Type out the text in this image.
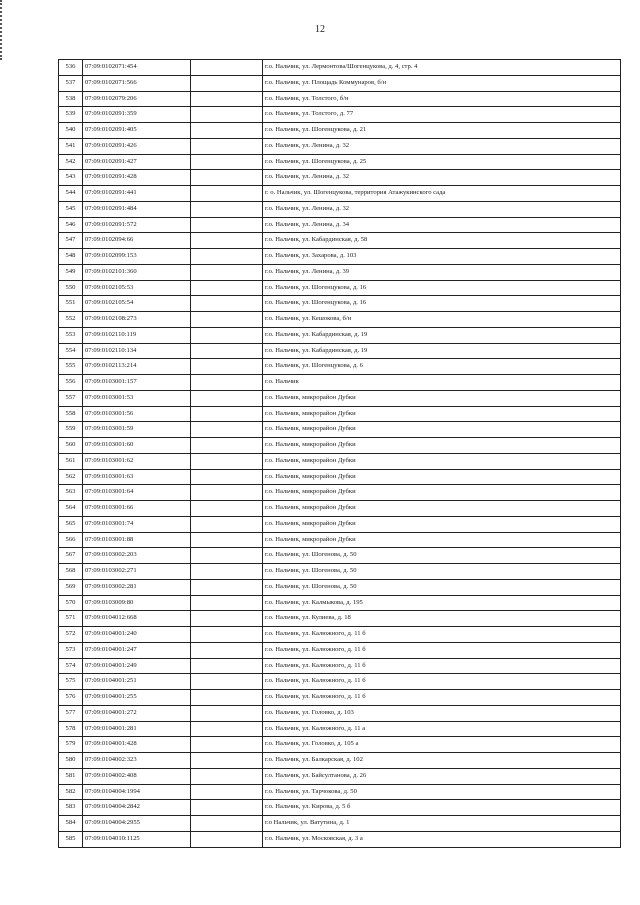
12
536	07:09:0102071:454		г.о. Нальчик, ул. Лермонтова/Шогенцукова, д. 4, стр. 4
537	07:09:0102071:566		г.о. Нальчик, ул. Площадь Коммунаров, б/н
538	07:09:0102079:206		г.о. Нальчик, ул. Толстого, б/н
539	07:09:0102091:359		г.о. Нальчик, ул. Толстого, д. 77
540	07:09:0102091:405		г.о. Нальчик, ул. Шогенцукова, д. 21
541	07:09:0102091:426		г.о. Нальчик, ул. Ленина, д. 32
542	07:09:0102091:427		г.о. Нальчик, ул. Шогенцукова, д. 25
543	07:09:0102091:428		г.о. Нальчик, ул. Ленина, д. 32
544	07:09:0102091:441		г. о. Нальчик, ул. Шогенцукова, территория Атажукинского сада
545	07:09:0102091:484		г.о. Нальчик, ул. Ленина, д. 32
546	07:09:0102091:572		г.о. Нальчик, ул. Ленина, д. 34
547	07:09:0102094:66		г.о. Нальчик, ул. Кабардинская, д. 58
548	07:09:0102099:153		г.о. Нальчик, ул. Захарова, д. 103
549	07:09:0102101:360		г.о. Нальчик, ул. Ленина, д. 39
550	07:09:0102105:53		г.о. Нальчик, ул. Шогенцукова, д. 16
551	07:09:0102105:54		г.о. Нальчик, ул. Шогенцукова, д. 16
552	07:09:0102108:273		г.о. Нальчик, ул. Кешокова, б/н
553	07:09:0102110:119		г.о. Нальчик, ул. Кабардинская, д. 19
554	07:09:0102110:134		г.о. Нальчик, ул. Кабардинская, д. 19
555	07:09:0102113:214		г.о. Нальчик, ул. Шогенцукова, д. 6
556	07:09:0103001:157		г.о. Нальчик
557	07:09:0103001:53		г.о. Нальчик, микрорайон Дубки
558	07:09:0103001:56		г.о. Нальчик, микрорайон Дубки
559	07:09:0103001:59		г.о. Нальчик, микрорайон Дубки
560	07:09:0103001:60		г.о. Нальчик, микрорайон Дубки
561	07:09:0103001:62		г.о. Нальчик, микрорайон Дубки
562	07:09:0103001:63		г.о. Нальчик, микрорайон Дубки
563	07:09:0103001:64		г.о. Нальчик, микрорайон Дубки
564	07:09:0103001:66		г.о. Нальчик, микрорайон Дубки
565	07:09:0103001:74		г.о. Нальчик, микрорайон Дубки
566	07:09:0103001:88		г.о. Нальчик, микрорайон Дубки
567	07:09:0103002:203		г.о. Нальчик, ул. Шогенова, д. 50
568	07:09:0103002:271		г.о. Нальчик, ул. Шогенова, д. 50
569	07:09:0103002:281		г.о. Нальчик, ул. Шогенова, д. 50
570	07:09:0103009:80		г.о. Нальчик, ул. Калмыкова, д. 195
571	07:09:0104012:668		г.о. Нальчик, ул. Кулиева, д. 18
572	07:09:0104001:240		г.о. Нальчик, ул. Калюжного, д. 11 б
573	07:09:0104001:247		г.о. Нальчик, ул. Калюжного, д. 11 б
574	07:09:0104001:249		г.о. Нальчик, ул. Калюжного, д. 11 б
575	07:09:0104001:251		г.о. Нальчик, ул. Калюжного, д. 11 б
576	07:09:0104001:255		г.о. Нальчик, ул. Калюжного, д. 11 б
577	07:09:0104001:272		г.о. Нальчик, ул. Головко, д. 103
578	07:09:0104001:281		г.о. Нальчик, ул. Калюжного, д. 11 а
579	07:09:0104001:428		г.о. Нальчик, ул. Головко, д. 105 а
580	07:09:0104002:323		г.о. Нальчик, ул. Балкарская, д. 102
581	07:09:0104002:408		г.о. Нальчик, ул. Байсултанова, д. 26
582	07:09:0104004:1994		г.о. Нальчик, ул. Тарчокова, д. 50
583	07:09:0104004:2842		г.о. Нальчик, ул. Кирова, д. 5 б
584	07:09:0104004:2955		г.о Нальчик, ул. Ватутина, д. 1
585	07:09:0104010:1125		г.о. Нальчик, ул. Московская, д. 3 а
